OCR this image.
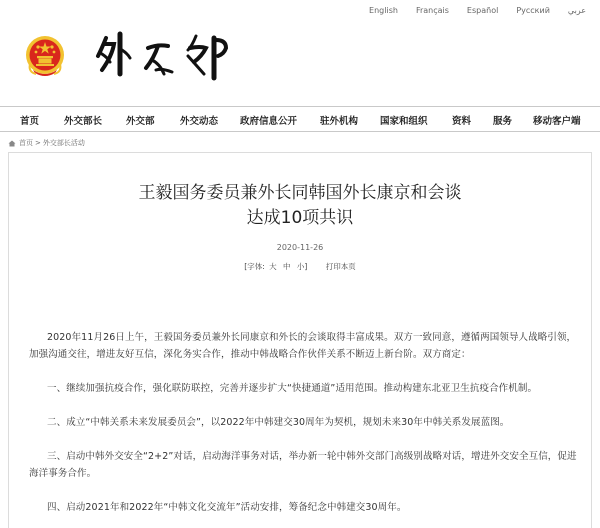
English Français Español Русский عربي
首页	外交部长	外交部	外交动态 政府信息公开 驻外机构 国家和组织	资料 服务 移动客户端
首页 > 外交部长活动
王毅国务委员兼外长同韩国外长康京和会谈
达成10项共识
2020-11-26
[字体: 大 中 小] 打印本页

2020年11月26日上午，王毅国务委员兼外长同康京和外长的会谈取得丰富成果。双方一致同意，遵循两国领导人战略引领，加强沟通交往，增进友好互信，深化务实合作，推动中韩战略合作伙伴关系不断迈上新台阶。双方商定：

一、继续加强抗疫合作，强化联防联控，完善并逐步扩大“快捷通道”适用范围。推动构建东北亚卫生抗疫合作机制。

二、成立“中韩关系未来发展委员会”，以2022年中韩建交30周年为契机，规划未来30年中韩关系发展蓝图。

三、启动中韩外交安全“2+2”对话，启动海洋事务对话，举办新一轮中韩外交部门高级别战略对话，增进外交安全互信，促进海洋事务合作。

四、启动2021年和2022年“中韩文化交流年”活动安排，筹备纪念中韩建交30周年。
